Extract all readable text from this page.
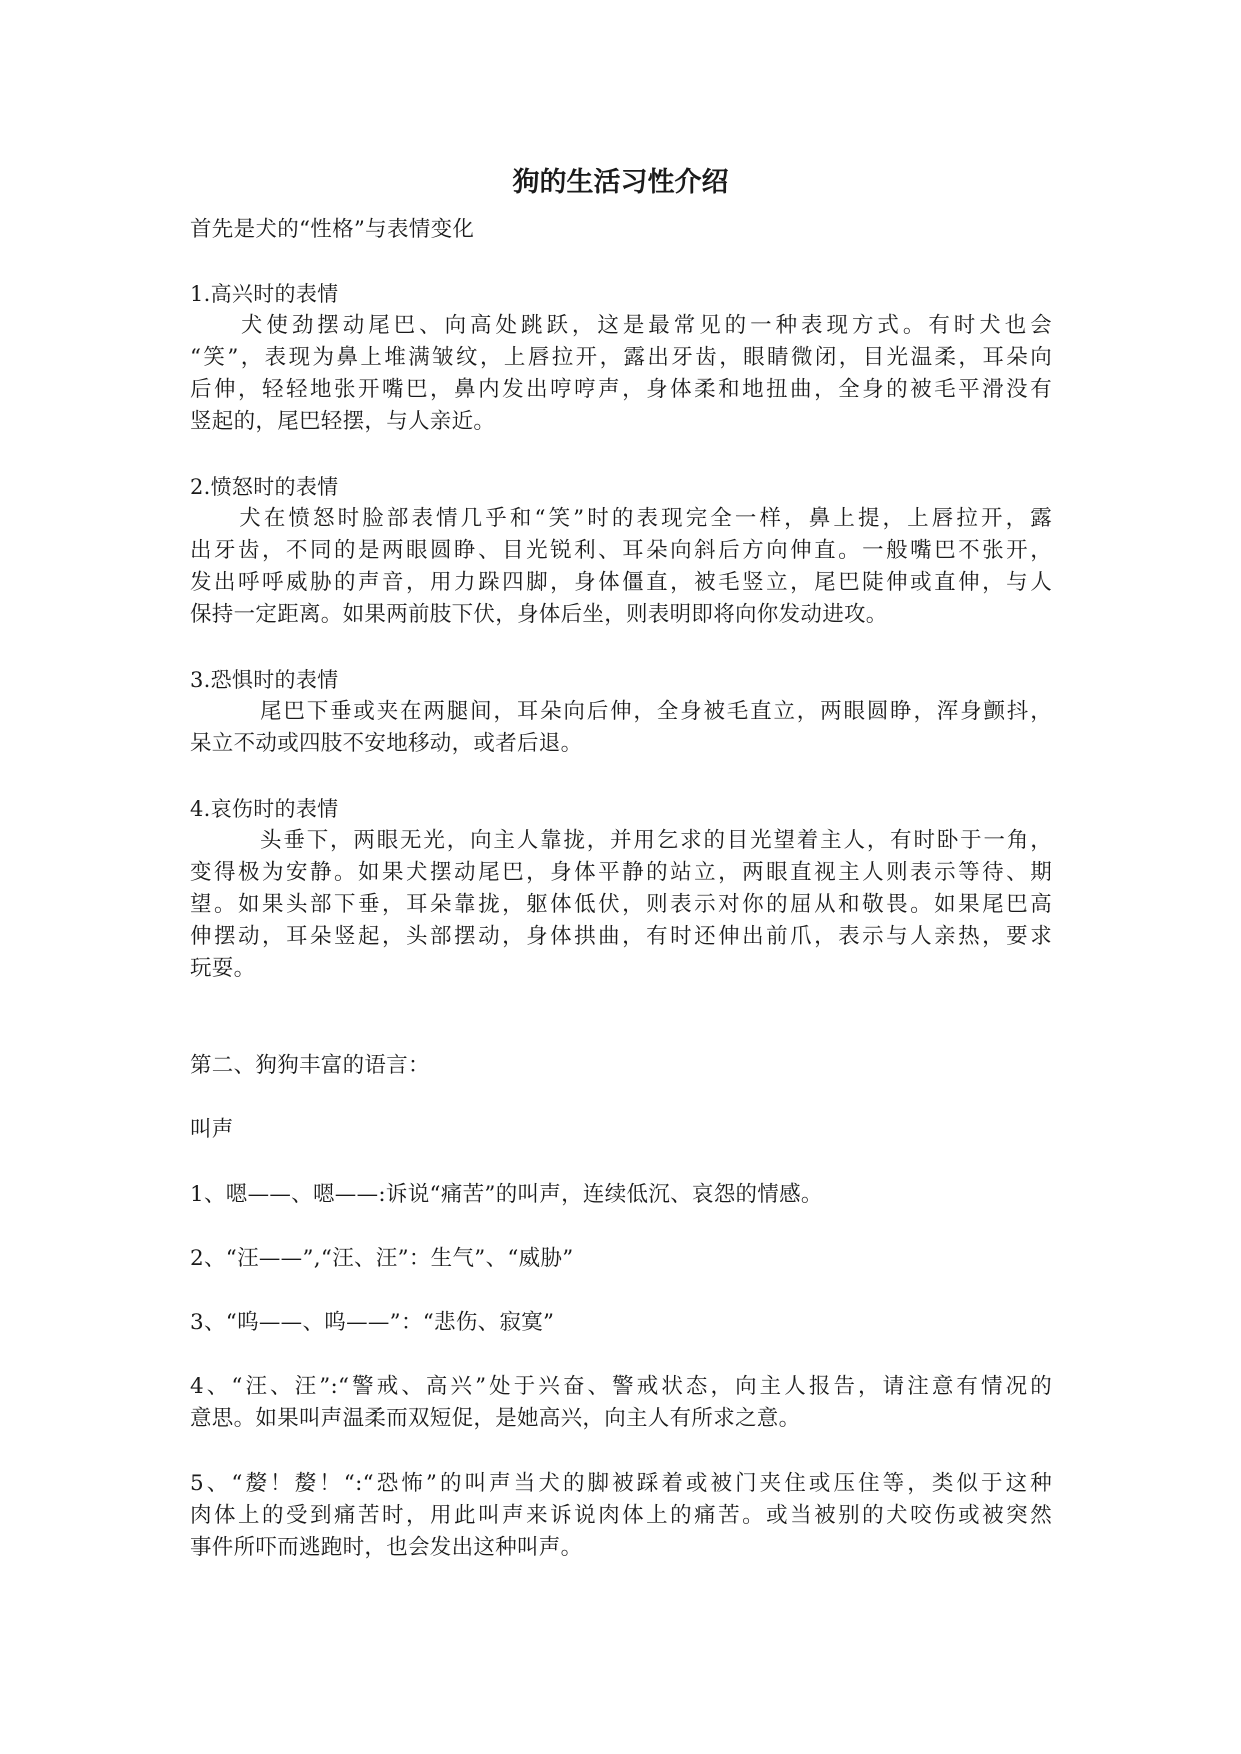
狗的生活习性介绍
首先是犬的“性格”与表情变化
1.高兴时的表情
　　犬使劲摆动尾巴、向高处跳跃，这是最常见的一种表现方式。有时犬也会
“笑”，表现为鼻上堆满皱纹，上唇拉开，露出牙齿，眼睛微闭，目光温柔，耳朵向
后伸，轻轻地张开嘴巴，鼻内发出哼哼声，身体柔和地扭曲，全身的被毛平滑没有
竖起的，尾巴轻摆，与人亲近。
2.愤怒时的表情
　　犬在愤怒时脸部表情几乎和“笑”时的表现完全一样，鼻上提，上唇拉开，露
出牙齿，不同的是两眼圆睁、目光锐利、耳朵向斜后方向伸直。一般嘴巴不张开，
发出呼呼威胁的声音，用力跺四脚，身体僵直，被毛竖立，尾巴陡伸或直伸，与人
保持一定距离。如果两前肢下伏，身体后坐，则表明即将向你发动进攻。
3.恐惧时的表情
　　　尾巴下垂或夹在两腿间，耳朵向后伸，全身被毛直立，两眼圆睁，浑身颤抖，
呆立不动或四肢不安地移动，或者后退。
4.哀伤时的表情
　　　头垂下，两眼无光，向主人靠拢，并用乞求的目光望着主人，有时卧于一角，
变得极为安静。如果犬摆动尾巴，身体平静的站立，两眼直视主人则表示等待、期
望。如果头部下垂，耳朵靠拢，躯体低伏，则表示对你的屈从和敬畏。如果尾巴高
伸摆动，耳朵竖起，头部摆动，身体拱曲，有时还伸出前爪，表示与人亲热，要求
玩耍。
第二、狗狗丰富的语言：
叫声
1、嗯——、嗯——:诉说“痛苦”的叫声，连续低沉、哀怨的情感。
2、“汪——”,“汪、汪”：生气”、“威胁”
3、“呜——、呜——”：“悲伤、寂寞”
4、“汪、汪”:“警戒、高兴”处于兴奋、警戒状态，向主人报告，请注意有情况的
意思。如果叫声温柔而双短促，是她高兴，向主人有所求之意。
5、“嫠！嫠！“:“恐怖”的叫声当犬的脚被踩着或被门夹住或压住等，类似于这种
肉体上的受到痛苦时，用此叫声来诉说肉体上的痛苦。或当被别的犬咬伤或被突然
事件所吓而逃跑时，也会发出这种叫声。
